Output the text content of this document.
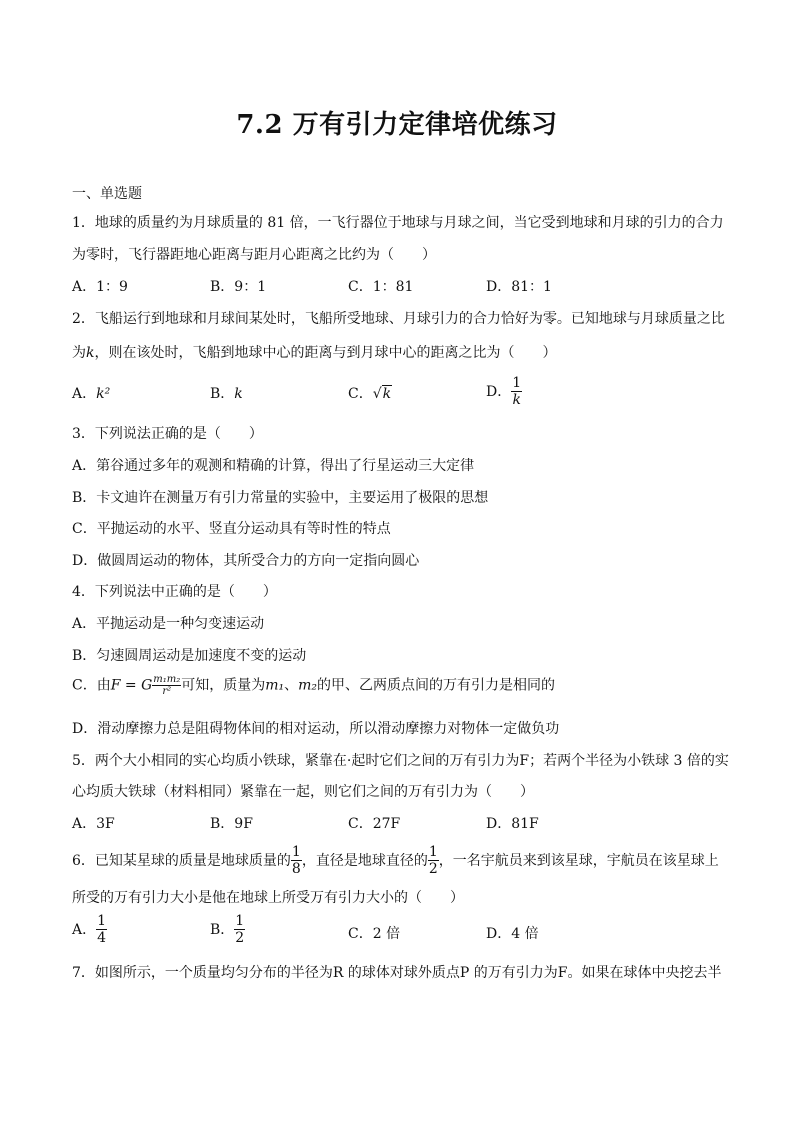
7.2 万有引力定律培优练习
一、单选题
1．地球的质量约为月球质量的 81 倍，一飞行器位于地球与月球之间，当它受到地球和月球的引力的合力
为零时，飞行器距地心距离与距月心距离之比约为（　　）
A．1：9	B．9：1	C．1：81	D．81：1
2．飞船运行到地球和月球间某处时，飞船所受地球、月球引力的合力恰好为零。已知地球与月球质量之比
为k，则在该处时，飞船到地球中心的距离与到月球中心的距离之比为（　　）
A．k²	B．k	C．√k	D． $\frac{1}{k}$
3．下列说法正确的是（　　）
A．第谷通过多年的观测和精确的计算，得出了行星运动三大定律
B．卡文迪许在测量万有引力常量的实验中，主要运用了极限的思想
C．平抛运动的水平、竖直分运动具有等时性的特点
D．做圆周运动的物体，其所受合力的方向一定指向圆心
4．下列说法中正确的是（　　）
A．平抛运动是一种匀变速运动
B．匀速圆周运动是加速度不变的运动
C．由F = G $\frac{\text{m₁m₂}}{\text{r²}}$ 可知，质量为m₁、m₂的甲、乙两质点间的万有引力是相同的
D．滑动摩擦力总是阻碍物体间的相对运动，所以滑动摩擦力对物体一定做负功
5．两个大小相同的实心均质小铁球，紧靠在·起时它们之间的万有引力为F；若两个半径为小铁球 3 倍的实
心均质大铁球（材料相同）紧靠在一起，则它们之间的万有引力为（　　）
A．3F	B．9F	C．27F	D．81F
6．已知某星球的质量是地球质量的 $\frac{1}{8}$ ，直径是地球直径的 $\frac{1}{2}$ ，一名宇航员来到该星球，宇航员在该星球上
所受的万有引力大小是他在地球上所受万有引力大小的（　　）
A． $\frac{1}{4}$	B． $\frac{1}{2}$	C．2 倍	D．4 倍
7．如图所示，一个质量均匀分布的半径为R 的球体对球外质点P 的万有引力为F。如果在球体中央挖去半
